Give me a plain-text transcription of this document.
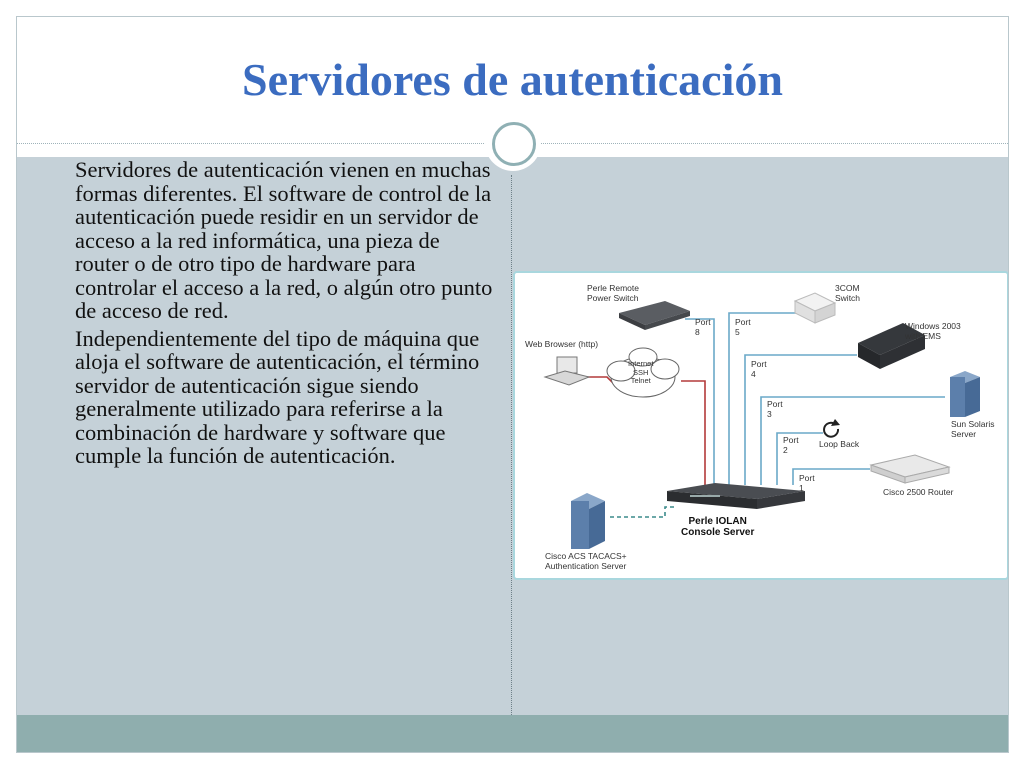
Servidores de autenticación

Servidores de autenticación vienen en muchas formas diferentes. El software de control de la autenticación puede residir en un servidor de acceso a la red informática, una pieza de router o de otro tipo de hardware para controlar el acceso a la red, o algún otro punto de acceso de red.

Independientemente del tipo de máquina que aloja el software de autenticación, el término servidor de autenticación sigue siendo generalmente utilizado para referirse a la combinación de hardware y software que cumple la función de autenticación.

Perle Remote
Power Switch
3COM
Switch
Windows 2003
with EMS
Web Browser (http)
Internet
SSH
Telnet
Sun Solaris
Server
Loop Back
Cisco 2500 Router
Cisco ACS TACACS+
Authentication Server
Perle IOLAN
Console Server
Port
8
Port
5
Port
4
Port
3
Port
2
Port
1
